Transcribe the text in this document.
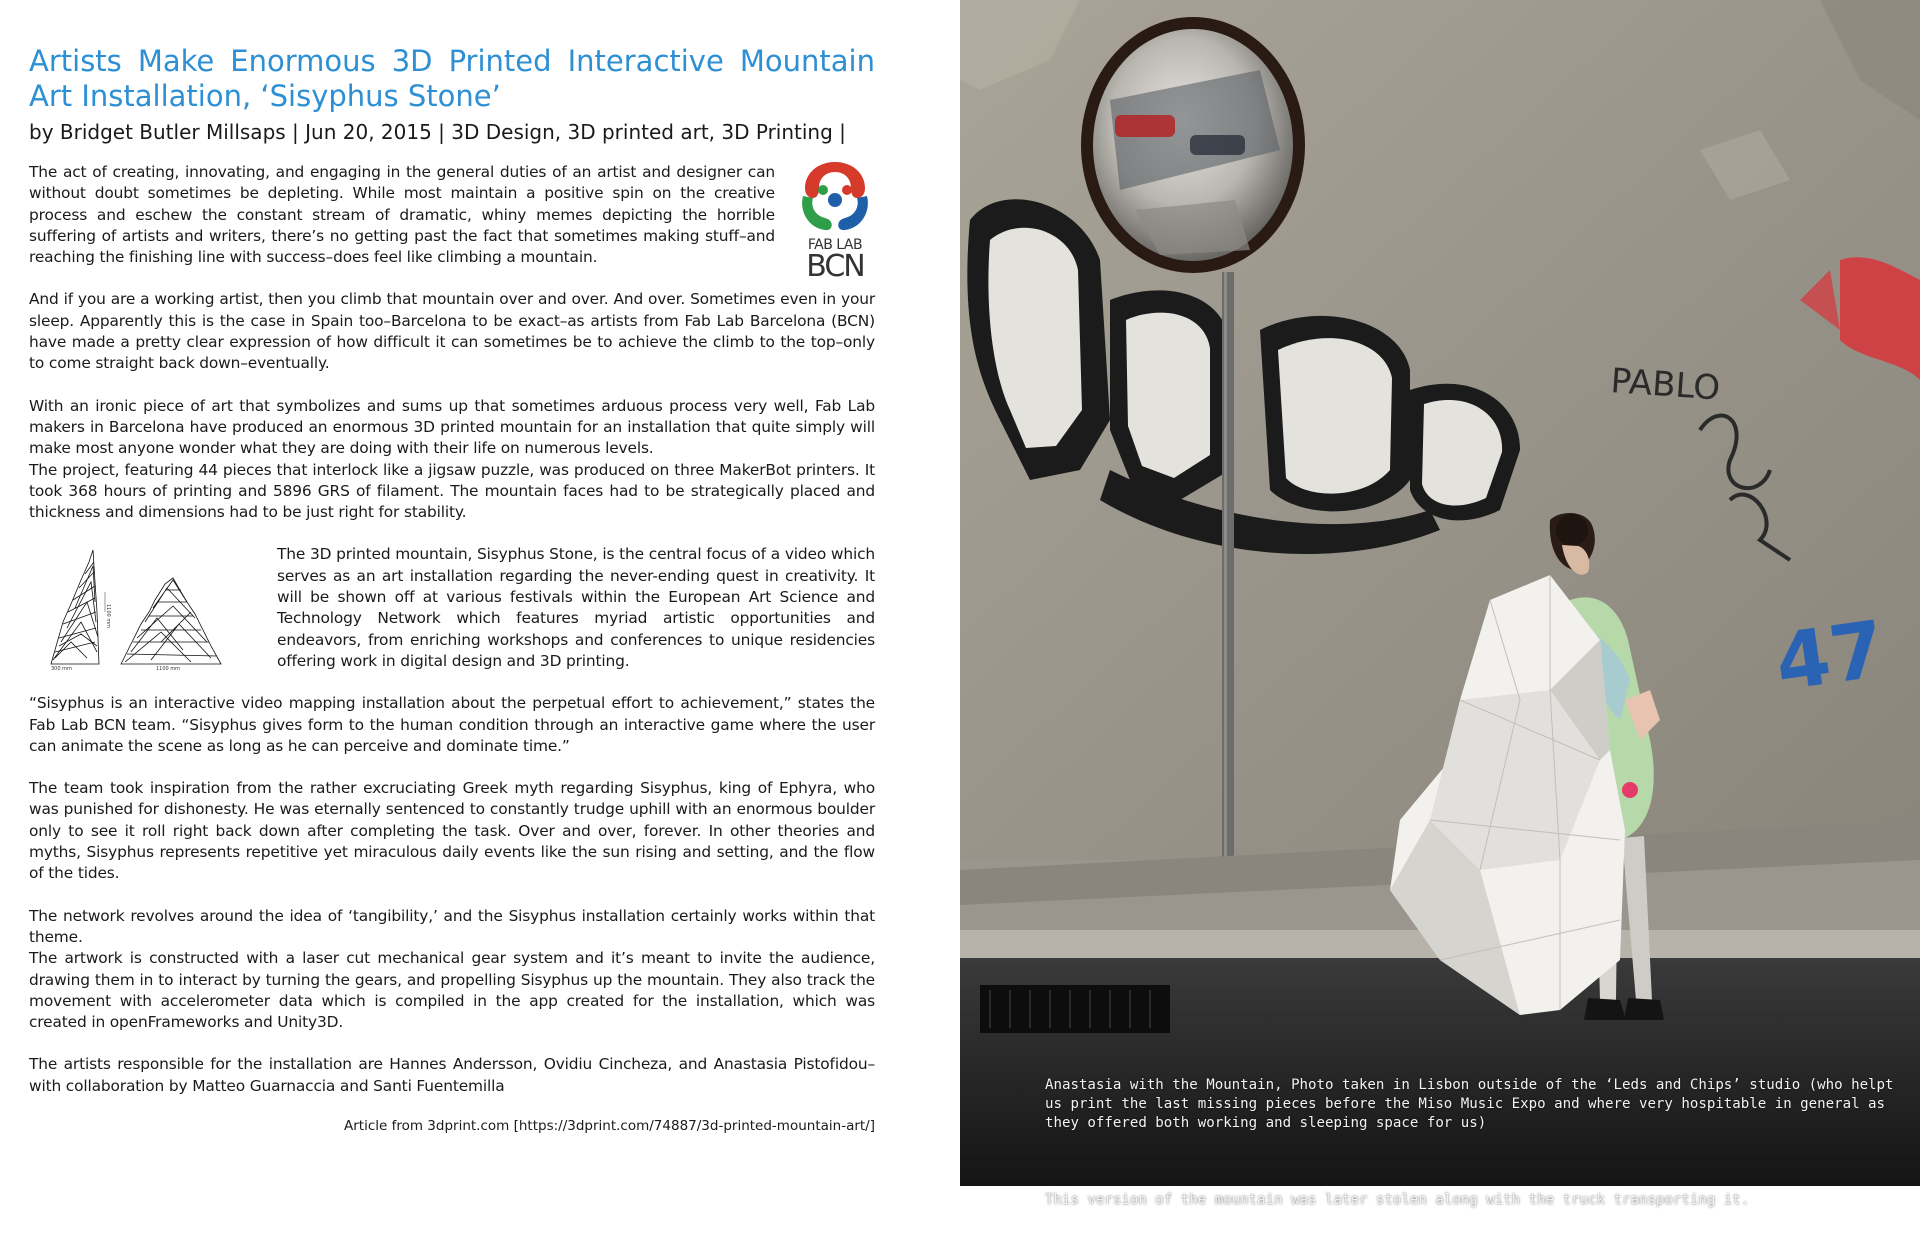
Artists Make Enormous 3D Printed Interactive Mountain Art Installation, ‘Sisyphus Stone’
by Bridget Butler Millsaps | Jun 20, 2015 | 3D Design, 3D printed art, 3D Printing |
FAB LAB
BCN

The act of creating, innovating, and engaging in the general duties of an artist and designer can without doubt sometimes be depleting. While most maintain a positive spin on the creative process and eschew the constant stream of dramatic, whiny memes depicting the horrible suffering of artists and writers, there’s no getting past the fact that sometimes making stuff–and reaching the finishing line with success–does feel like climbing a mountain.

And if you are a working artist, then you climb that mountain over and over. And over. Sometimes even in your sleep. Apparently this is the case in Spain too–Barcelona to be exact–as artists from Fab Lab Barcelona (BCN) have made a pretty clear expression of how difficult it can sometimes be to achieve the climb to the top–only to come straight back down–eventually.

With an ironic piece of art that symbolizes and sums up that sometimes arduous process very well, Fab Lab makers in Barcelona have produced an enormous 3D printed mountain for an installation that quite simply will make most anyone wonder what they are doing with their life on numerous levels.

The project, featuring 44 pieces that interlock like a jigsaw puzzle, was produced on three MakerBot printers. It took 368 hours of printing and 5896 GRS of filament. The mountain faces had to be strategically placed and thickness and dimensions had to be just right for stability.

300 mm	1100 mm
1100 mm

The 3D printed mountain, Sisyphus Stone, is the central focus of a video which serves as an art installation regarding the never-ending quest in creativity. It will be shown off at various festivals within the European Art Science and Technology Network which features myriad artistic opportunities and endeavors, from enriching workshops and conferences to unique residencies offering work in digital design and 3D printing.

“Sisyphus is an interactive video mapping installation about the perpetual effort to achievement,” states the Fab Lab BCN team. “Sisyphus gives form to the human condition through an interactive game where the user can animate the scene as long as he can perceive and dominate time.”

The team took inspiration from the rather excruciating Greek myth regarding Sisyphus, king of Ephyra, who was punished for dishonesty. He was eternally sentenced to constantly trudge uphill with an enormous boulder only to see it roll right back down after completing the task. Over and over, forever. In other theories and myths, Sisyphus represents repetitive yet miraculous daily events like the sun rising and setting, and the flow of the tides.

The network revolves around the idea of ‘tangibility,’ and the Sisyphus installation certainly works within that theme.

The artwork is constructed with a laser cut mechanical gear system and it’s meant to invite the audience, drawing them in to interact by turning the gears, and propelling Sisyphus up the mountain. They also track the movement with accelerometer data which is compiled in the app created for the installation, which was created in openFrameworks and Unity3D.

The artists responsible for the installation are Hannes Andersson, Ovidiu Cincheza, and Anastasia Pistofidou–with collaboration by Matteo Guarnaccia and Santi Fuentemilla

Article from 3dprint.com [https://3dprint.com/74887/3d-printed-mountain-art/]
PABLO
47

Anastasia with the Mountain, Photo taken in Lisbon outside of the ‘Leds and Chips’ studio (who helpt us print the last missing pieces before the Miso Music Expo and where very hospitable in general as they offered both working and sleeping space for us)

This version of the mountain was later stolen along with the truck transporting it.
